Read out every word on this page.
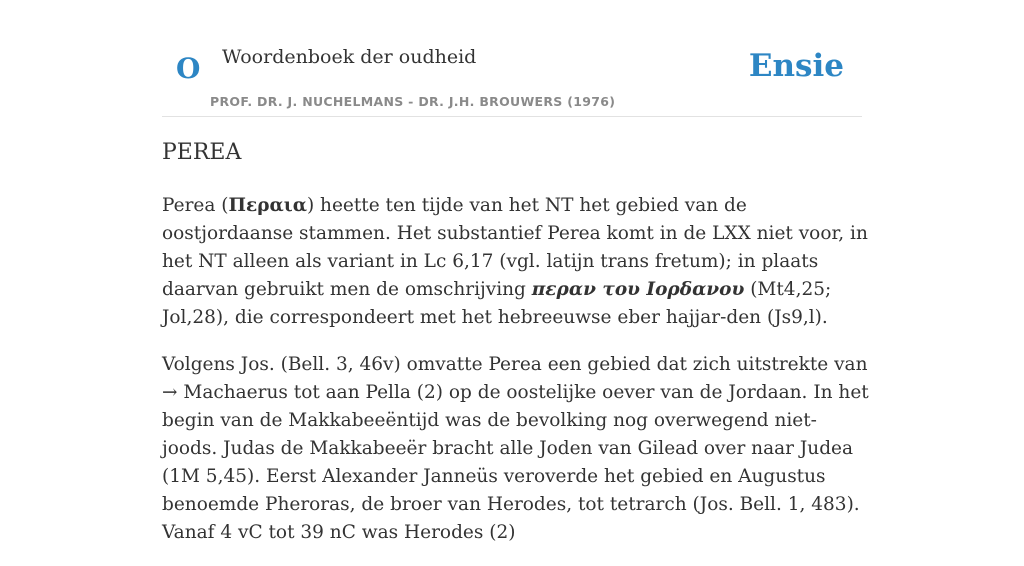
O Woordenboek der oudheid
PROF. DR. J. NUCHELMANS - DR. J.H. BROUWERS (1976)
Ensie
PEREA

Perea (Περαια) heette ten tijde van het NT het gebied van de oostjordaanse stammen. Het substantief Perea komt in de LXX niet voor, in het NT alleen als variant in Lc 6,17 (vgl. latijn trans fretum); in plaats daarvan gebruikt men de omschrijving περαν του Ιορδανου (Mt4,25; Jol,28), die correspondeert met het hebreeuwse eber hajjar-den (Js9,l).

Volgens Jos. (Bell. 3, 46v) omvatte Perea een gebied dat zich uitstrekte van → Machaerus tot aan Pella (2) op de oostelijke oever van de Jordaan. In het begin van de Makkabeeëntijd was de bevolking nog overwegend niet-joods. Judas de Makkabeeër bracht alle Joden van Gilead over naar Judea (1M 5,45). Eerst Alexander Janneüs veroverde het gebied en Augustus benoemde Pheroras, de broer van Herodes, tot tetrarch (Jos. Bell. 1, 483). Vanaf 4 vC tot 39 nC was Herodes (2)
